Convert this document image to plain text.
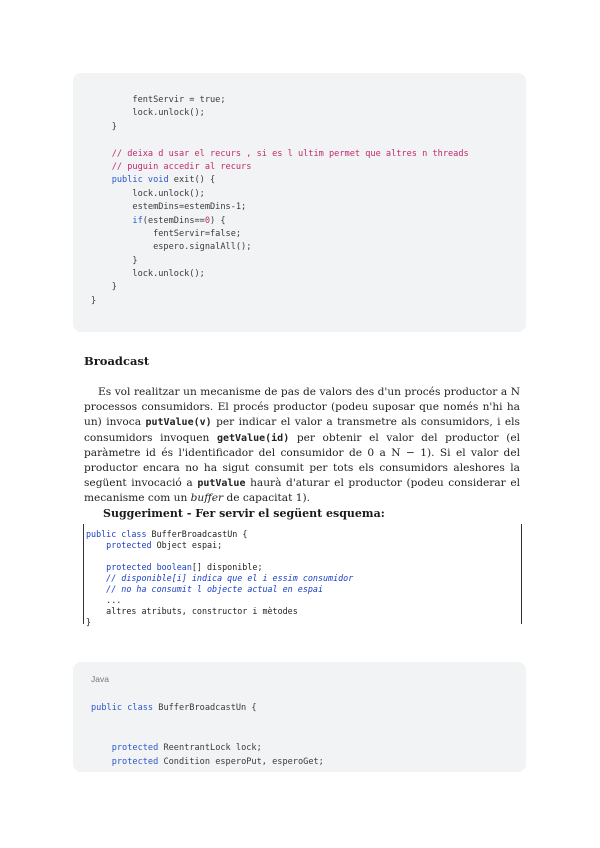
fentServir = true;
lock.unlock();
}
// deixa d usar el recurs , si es l ultim permet que altres n threads
// puguin accedir al recurs
public void exit() {
lock.unlock();
estemDins=estemDins-1;
if(estemDins==0) {
fentServir=false;
espero.signalAll();
}
lock.unlock();
}
}
Broadcast

Es vol realitzar un mecanisme de pas de valors des d'un procés productor a N processos consumidors. El procés productor (podeu suposar que només n'hi ha un) invoca putValue(v) per indicar el valor a transmetre als consumidors, i els consumidors invoquen getValue(id) per obtenir el valor del productor (el paràmetre id és l'identificador del consumidor de 0 a N − 1). Si el valor del productor encara no ha sigut consumit per tots els consumidors aleshores la següent invocació a putValue haurà d'aturar el productor (podeu considerar el mecanisme com un buffer de capacitat 1).

Suggeriment - Fer servir el següent esquema:

public class BufferBroadcastUn {
protected Object espai;
protected boolean[] disponible;
// disponible[i] indica que el i essim consumidor
// no ha consumit l objecte actual en espai
...
altres atributs, constructor i mètodes
}
Java
public class BufferBroadcastUn {
protected ReentrantLock lock;
protected Condition esperoPut, esperoGet;
